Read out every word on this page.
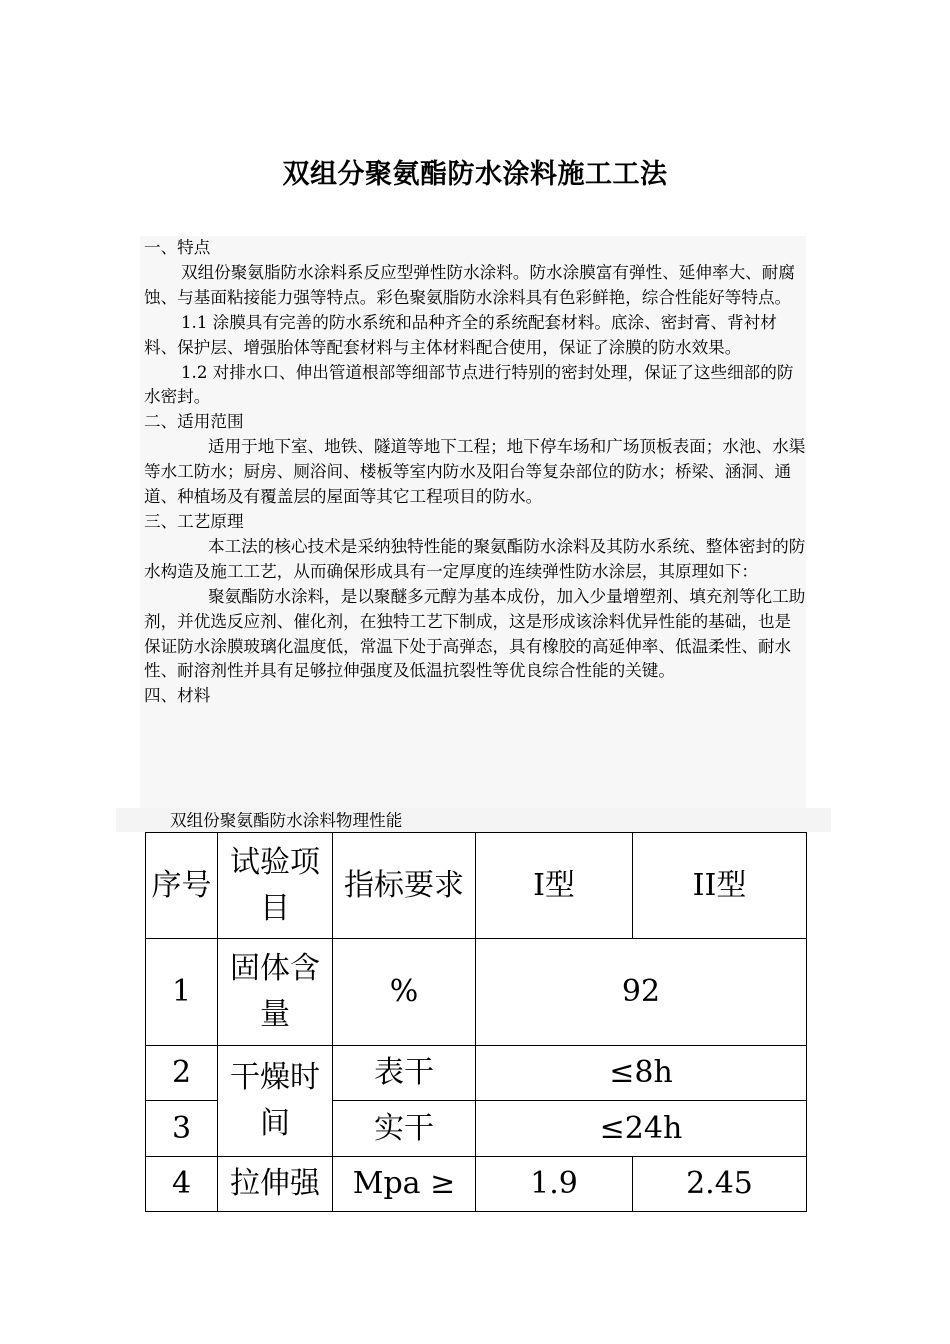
双组分聚氨酯防水涂料施工工法

一、特点

双组份聚氨脂防水涂料系反应型弹性防水涂料。防水涂膜富有弹性、延伸率大、耐腐蚀、与基面粘接能力强等特点。彩色聚氨脂防水涂料具有色彩鲜艳，综合性能好等特点。

1.1 涂膜具有完善的防水系统和品种齐全的系统配套材料。底涂、密封膏、背衬材料、保护层、增强胎体等配套材料与主体材料配合使用，保证了涂膜的防水效果。

1.2 对排水口、伸出管道根部等细部节点进行特别的密封处理，保证了这些细部的防水密封。

二、适用范围

适用于地下室、地铁、隧道等地下工程；地下停车场和广场顶板表面；水池、水渠等水工防水；厨房、厕浴间、楼板等室内防水及阳台等复杂部位的防水；桥梁、涵洞、通道、种植场及有覆盖层的屋面等其它工程项目的防水。

三、工艺原理

本工法的核心技术是采纳独特性能的聚氨酯防水涂料及其防水系统、整体密封的防水构造及施工工艺，从而确保形成具有一定厚度的连续弹性防水涂层，其原理如下：

聚氨酯防水涂料，是以聚醚多元醇为基本成份，加入少量增塑剂、填充剂等化工助剂，并优选反应剂、催化剂，在独特工艺下制成，这是形成该涂料优异性能的基础，也是保证防水涂膜玻璃化温度低，常温下处于高弹态，具有橡胶的高延伸率、低温柔性、耐水性、耐溶剂性并具有足够拉伸强度及低温抗裂性等优良综合性能的关键。

四、材料

双组份聚氨酯防水涂料物理性能
序号	试验项目	指标要求	I型	II型
1	固体含量	%	92	
2	干燥时间	表干	≤8h	
3		实干	≤24h	
4	拉伸强	Mpa ≥	1.9	2.45
